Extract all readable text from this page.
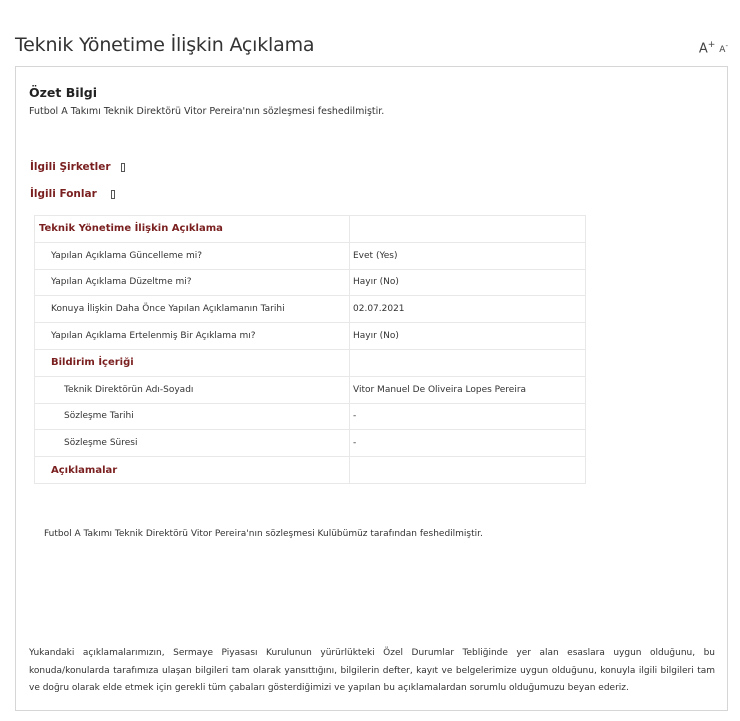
Teknik Yönetime İlişkin Açıklama	A+
A-
Özet Bilgi
Futbol A Takımı Teknik Direktörü Vitor Pereira'nın sözleşmesi feshedilmiştir.
İlgili Şirketler
İlgili Fonlar
Teknik Yönetime İlişkin Açıklama	
Yapılan Açıklama Güncelleme mi?	Evet (Yes)
Yapılan Açıklama Düzeltme mi?	Hayır (No)
Konuya İlişkin Daha Önce Yapılan Açıklamanın Tarihi	02.07.2021
Yapılan Açıklama Ertelenmiş Bir Açıklama mı?	Hayır (No)
Bildirim İçeriği	
Teknik Direktörün Adı-Soyadı	Vitor Manuel De Oliveira Lopes Pereira
Sözleşme Tarihi	-
Sözleşme Süresi	-
Açıklamalar	
Futbol A Takımı Teknik Direktörü Vitor Pereira'nın sözleşmesi Kulübümüz tarafından feshedilmiştir.
Yukandaki açıklamalarımızın, Sermaye Piyasası Kurulunun yürürlükteki Özel Durumlar Tebliğinde yer alan esaslara uygun olduğunu, bu konuda/konularda tarafımıza ulaşan bilgileri tam olarak yansıttığını, bilgilerin defter, kayıt ve belgelerimize uygun olduğunu, konuyla ilgili bilgileri tam ve doğru olarak elde etmek için gerekli tüm çabaları gösterdiğimizi ve yapılan bu açıklamalardan sorumlu olduğumuzu beyan ederiz.
